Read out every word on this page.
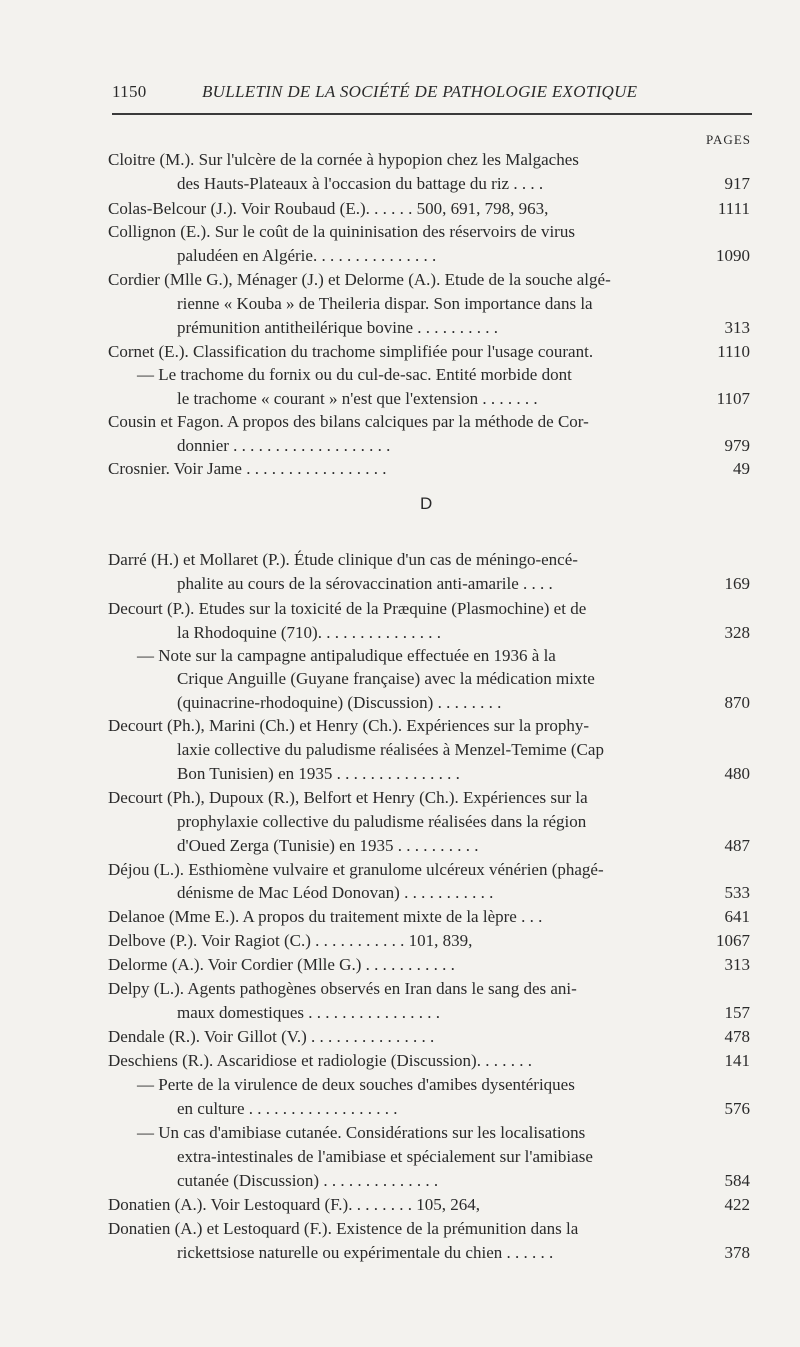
1150	BULLETIN DE LA SOCIÉTÉ DE PATHOLOGIE EXOTIQUE
PAGES
Cloitre (M.). Sur l'ulcère de la cornée à hypopion chez les Malgaches
des Hauts-Plateaux à l'occasion du battage du riz . . . .	917
Colas-Belcour (J.). Voir Roubaud (E.). . . . . . 500, 691, 798, 963,	1111
Collignon (E.). Sur le coût de la quininisation des réservoirs de virus
paludéen en Algérie. . . . . . . . . . . . . . .	1090
Cordier (Mlle G.), Ménager (J.) et Delorme (A.). Etude de la souche algé-
rienne « Kouba » de Theileria dispar. Son importance dans la
prémunition antitheilérique bovine . . . . . . . . . .	313
Cornet (E.). Classification du trachome simplifiée pour l'usage courant.	1110
— Le trachome du fornix ou du cul-de-sac. Entité morbide dont
le trachome « courant » n'est que l'extension . . . . . . .	1107
Cousin et Fagon. A propos des bilans calciques par la méthode de Cor-
donnier . . . . . . . . . . . . . . . . . . .	979
Crosnier. Voir Jame . . . . . . . . . . . . . . . . .	49
D
Darré (H.) et Mollaret (P.). Étude clinique d'un cas de méningo-encé-
phalite au cours de la sérovaccination anti-amarile . . . .	169
Decourt (P.). Etudes sur la toxicité de la Præquine (Plasmochine) et de
la Rhodoquine (710). . . . . . . . . . . . . . .	328
— Note sur la campagne antipaludique effectuée en 1936 à la
Crique Anguille (Guyane française) avec la médication mixte
(quinacrine-rhodoquine) (Discussion) . . . . . . . .	870
Decourt (Ph.), Marini (Ch.) et Henry (Ch.). Expériences sur la prophy-
laxie collective du paludisme réalisées à Menzel-Temime (Cap
Bon Tunisien) en 1935 . . . . . . . . . . . . . . .	480
Decourt (Ph.), Dupoux (R.), Belfort et Henry (Ch.). Expériences sur la
prophylaxie collective du paludisme réalisées dans la région
d'Oued Zerga (Tunisie) en 1935 . . . . . . . . . .	487
Déjou (L.). Esthiomène vulvaire et granulome ulcéreux vénérien (phagé-
dénisme de Mac Léod Donovan) . . . . . . . . . . .	533
Delanoe (Mme E.). A propos du traitement mixte de la lèpre . . .	641
Delbove (P.). Voir Ragiot (C.) . . . . . . . . . . . 101, 839,	1067
Delorme (A.). Voir Cordier (Mlle G.) . . . . . . . . . . .	313
Delpy (L.). Agents pathogènes observés en Iran dans le sang des ani-
maux domestiques . . . . . . . . . . . . . . . .	157
Dendale (R.). Voir Gillot (V.) . . . . . . . . . . . . . . .	478
Deschiens (R.). Ascaridiose et radiologie (Discussion). . . . . . .	141
— Perte de la virulence de deux souches d'amibes dysentériques
en culture . . . . . . . . . . . . . . . . . .	576
— Un cas d'amibiase cutanée. Considérations sur les localisations
extra-intestinales de l'amibiase et spécialement sur l'amibiase
cutanée (Discussion) . . . . . . . . . . . . . .	584
Donatien (A.). Voir Lestoquard (F.). . . . . . . . 105, 264,	422
Donatien (A.) et Lestoquard (F.). Existence de la prémunition dans la
rickettsiose naturelle ou expérimentale du chien . . . . . .	378
